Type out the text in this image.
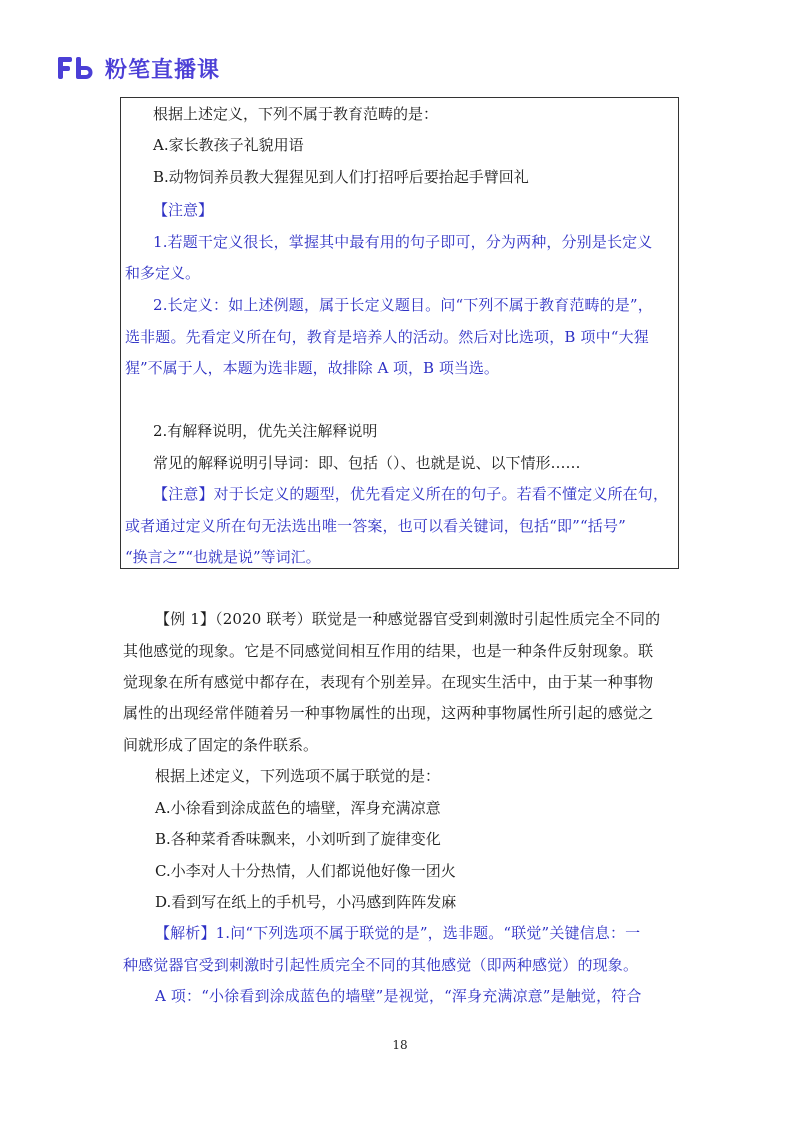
粉笔直播课
根据上述定义，下列不属于教育范畴的是：
A.家长教孩子礼貌用语
B.动物饲养员教大猩猩见到人们打招呼后要抬起手臂回礼
【注意】
1.若题干定义很长，掌握其中最有用的句子即可，分为两种，分别是长定义
和多定义。
2.长定义：如上述例题，属于长定义题目。问“下列不属于教育范畴的是”，
选非题。先看定义所在句，教育是培养人的活动。然后对比选项，B 项中“大猩
猩”不属于人，本题为选非题，故排除 A 项，B 项当选。
2.有解释说明，优先关注解释说明
常见的解释说明引导词：即、包括（）、也就是说、以下情形……
【注意】对于长定义的题型，优先看定义所在的句子。若看不懂定义所在句，
或者通过定义所在句无法选出唯一答案，也可以看关键词，包括“即”“括号”
“换言之”“也就是说”等词汇。
【例 1】（2020 联考）联觉是一种感觉器官受到刺激时引起性质完全不同的
其他感觉的现象。它是不同感觉间相互作用的结果，也是一种条件反射现象。联
觉现象在所有感觉中都存在，表现有个别差异。在现实生活中，由于某一种事物
属性的出现经常伴随着另一种事物属性的出现，这两种事物属性所引起的感觉之
间就形成了固定的条件联系。
根据上述定义，下列选项不属于联觉的是：
A.小徐看到涂成蓝色的墙壁，浑身充满凉意
B.各种菜肴香味飘来，小刘听到了旋律变化
C.小李对人十分热情，人们都说他好像一团火
D.看到写在纸上的手机号，小冯感到阵阵发麻
【解析】1.问“下列选项不属于联觉的是”，选非题。“联觉”关键信息：一
种感觉器官受到刺激时引起性质完全不同的其他感觉（即两种感觉）的现象。
A 项：“小徐看到涂成蓝色的墙壁”是视觉，“浑身充满凉意”是触觉，符合
18
